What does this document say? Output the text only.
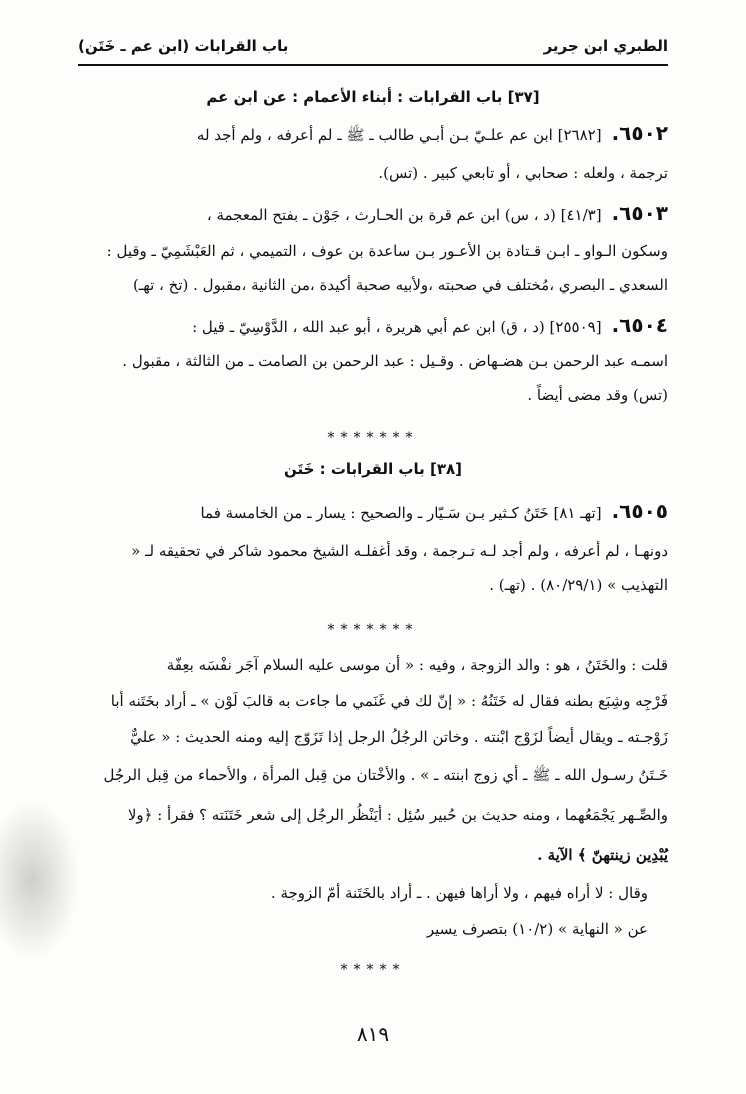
الطبري ابن جرير
باب القرابات (ابن عم ـ خَتَن)
[٣٧] باب القرابات : أبناء الأعمام : عن ابن عم
٦٥٠٢.[٢٦٨٢] ابن عم علـيّ بـن أبـي طالب ـ ﷺ ـ لم أعرفه ، ولم أجد له
ترجمة ، ولعله : صحابي ، أو تابعي كبير . (تس).
٦٥٠٣.[٤١/٣] (د ، س) ابن عم قرة بن الحـارث ، جَوْن ـ بفتح المعجمة ،
وسكون الـواو ـ ابـن قـتادة بن الأعـور بـن ساعدة بن عوف ، التميمي ، ثم العَبْشَمِيّ ـ وقيل :
السعدي ـ البصري ،مُختلف في صحبته ،ولأبيه صحبة أكيدة ،من الثانية ،مقبول . (تخ ، تهـ)
٦٥٠٤.[٢٥٥٠٩] (د ، ق) ابن عم أبي هريرة ، أبو عبد الله ، الدَّوْسِيّ ـ قيل :
اسمـه عبد الرحمن بـن هضـهاض . وقـيل : عبد الرحمن بن الصامت ـ من الثالثة ، مقبول .
(تس) وقد مضى أيضاً .
*******
[٣٨] باب القرابات : خَتَن
٦٥٠٥.[تهـ ٨١] خَتَنُ كـثير بـن سَـيّار ـ والصحيح : يسار ـ من الخامسة فما
دونهـا ، لم أعرفه ، ولم أجد لـه تـرجمة ، وقد أغفلـه الشيخ محمود شاكر في تحقيقه لـ «
التهذيب » (٨٠/٢٩/١) . (تهـ) .
*******
قلت : والخَتَنُ ، هو : والد الزوجة ، وفيه : « أن موسى عليه السلام آجَر نفْسَه بعِفّة
فَرْجِه وشِبَع بطنه فقال له خَتَنُهُ : « إنّ لك في غَنَمي ما جاءت به قالبَ لَوْن » ـ أراد بخَتَنه أبا
زَوْجـته ـ ويقال أيضاً لزَوْج ابْنته . وخاتن الرجُلُ الرجل إذا تَزَوّج إليه ومنه الحديث : « عليٌّ
خَـتَنُ رسـول الله ـ ﷺ ـ أي زوج ابنته ـ » . والأخْتان من قِبل المرأة ، والأحماء من قِبل الرجُل
والصِّـهر يَجْمَعُهما ، ومنه حديث بن حُبير سُئِل : أيَنْظُر الرجُل إلى شعر خَتَنَته ؟ فقرأ : ﴿ولا
يُبْدِين زينتهنّ ﴾ الآية .
وقال : لا أراه فيهم ، ولا أراها فيهن . ـ أراد بالخَتَنة أمّ الزوجة .
عن « النهاية » (١٠/٢) بتصرف يسير
*****
٨١٩
